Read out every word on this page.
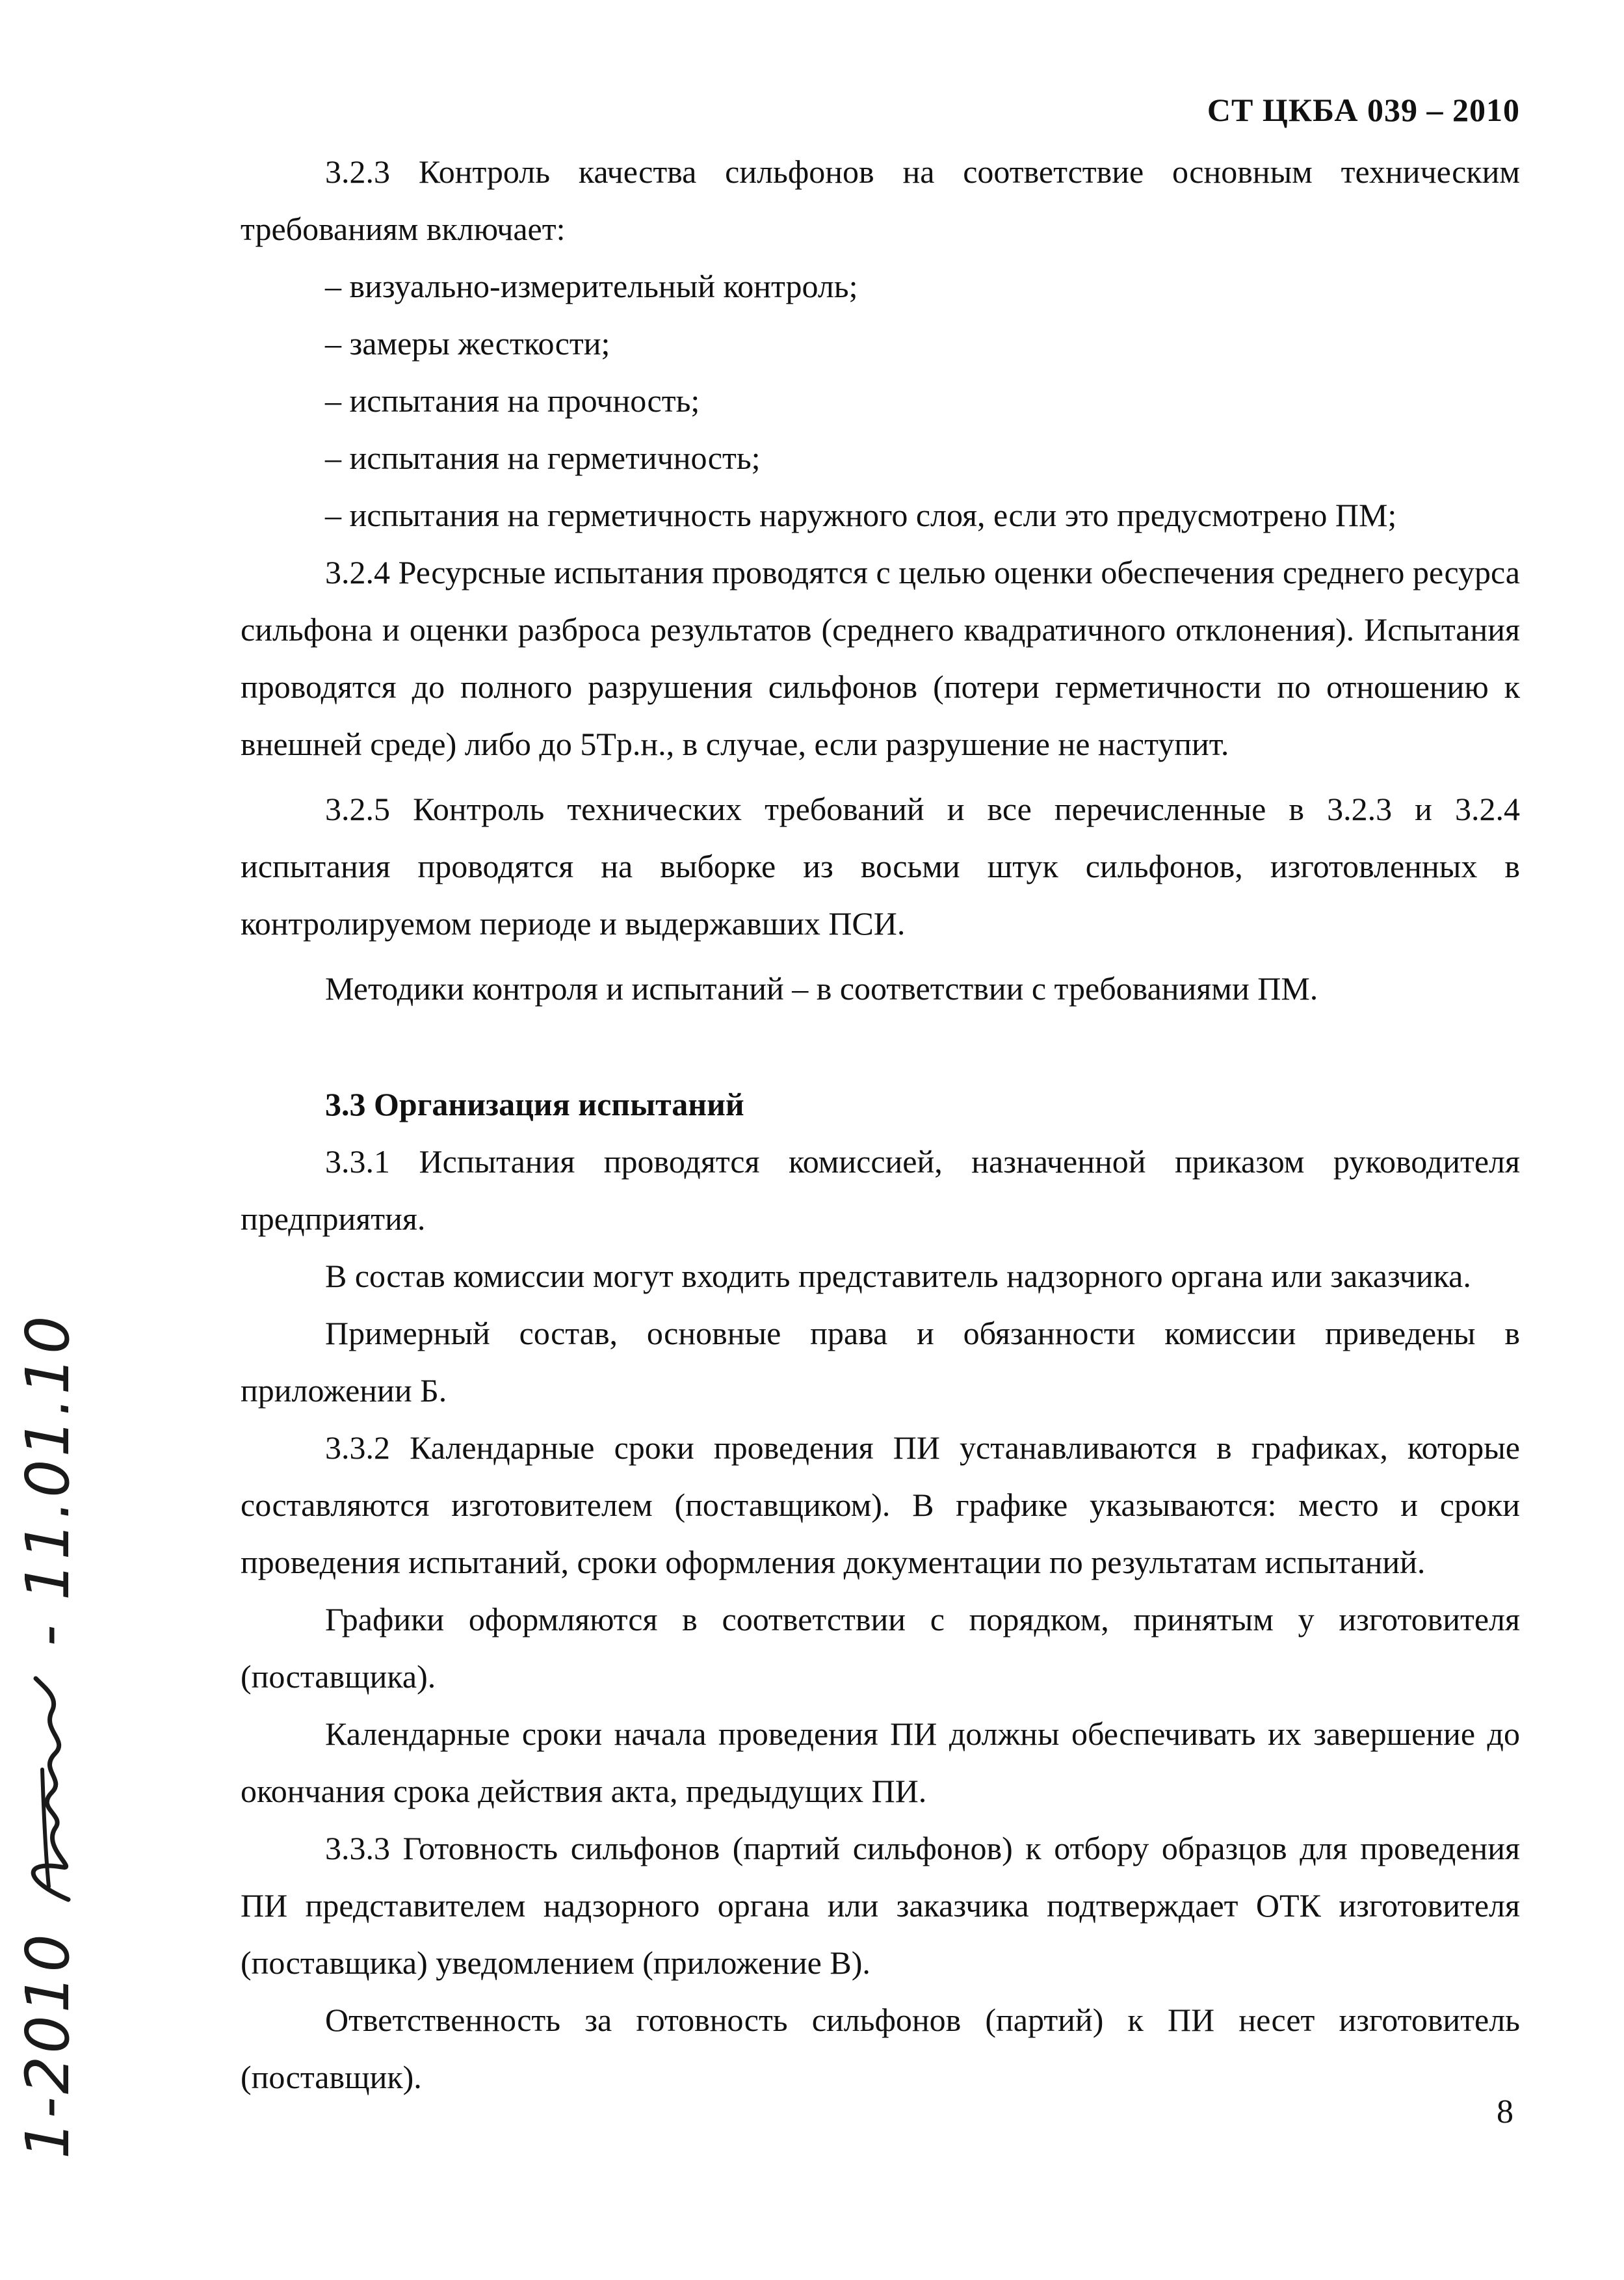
СТ ЦКБА 039 – 2010

3.2.3 Контроль качества сильфонов на соответствие основным техническим требованиям включает:

– визуально-измерительный контроль;
– замеры жесткости;
– испытания на прочность;
– испытания на герметичность;
– испытания на герметичность наружного слоя, если это предусмотрено ПМ;

3.2.4 Ресурсные испытания проводятся с целью оценки обеспечения среднего ресурса сильфона и оценки разброса результатов (среднего квадратичного отклонения). Испытания проводятся до полного разрушения сильфонов (потери герметичности по отношению к внешней среде) либо до 5Tр.н., в случае, если разрушение не наступит.

3.2.5 Контроль технических требований и все перечисленные в 3.2.3 и 3.2.4 испытания проводятся на выборке из восьми штук сильфонов, изготовленных в контролируемом периоде и выдержавших ПСИ.

Методики контроля и испытаний – в соответствии с требованиями ПМ.

3.3 Организация испытаний

3.3.1 Испытания проводятся комиссией, назначенной приказом руководителя предприятия.

В состав комиссии могут входить представитель надзорного органа или заказчика.

Примерный состав, основные права и обязанности комиссии приведены в приложении Б.

3.3.2 Календарные сроки проведения ПИ устанавливаются в графиках, которые составляются изготовителем (поставщиком). В графике указываются: место и сроки проведения испытаний, сроки оформления документации по результатам испытаний.

Графики оформляются в соответствии с порядком, принятым у изготовителя (поставщика).

Календарные сроки начала проведения ПИ должны обеспечивать их завершение до окончания срока действия акта, предыдущих ПИ.

3.3.3 Готовность сильфонов (партий сильфонов) к отбору образцов для проведения ПИ представителем надзорного органа или заказчика подтверждает ОТК изготовителя (поставщика) уведомлением (приложение В).

Ответственность за готовность сильфонов (партий) к ПИ несет изготовитель (поставщик).

8
1-2010  - 11.01.10
